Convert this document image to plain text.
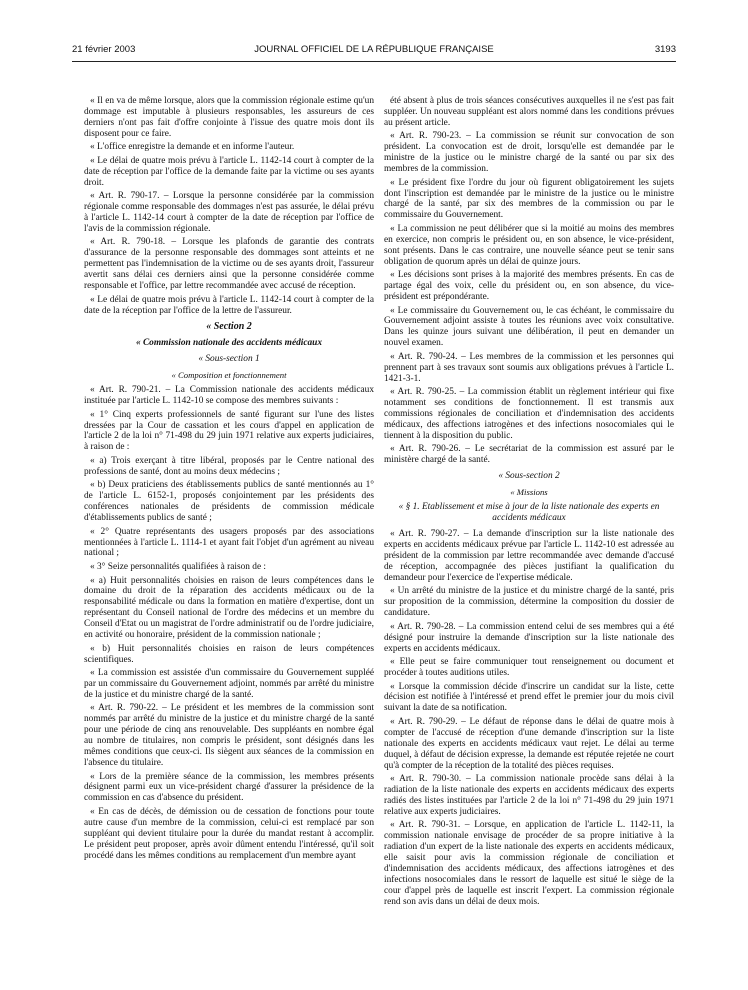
21 février 2003	JOURNAL OFFICIEL DE LA RÉPUBLIQUE FRANÇAISE	3193

« Il en va de même lorsque, alors que la commission régionale estime qu'un dommage est imputable à plusieurs responsables, les assureurs de ces derniers n'ont pas fait d'offre conjointe à l'issue des quatre mois dont ils disposent pour ce faire.

« L'office enregistre la demande et en informe l'auteur.

« Le délai de quatre mois prévu à l'article L. 1142-14 court à compter de la date de réception par l'office de la demande faite par la victime ou ses ayants droit.

« Art. R. 790-17. – Lorsque la personne considérée par la commission régionale comme responsable des dommages n'est pas assurée, le délai prévu à l'article L. 1142-14 court à compter de la date de réception par l'office de l'avis de la commission régionale.

« Art. R. 790-18. – Lorsque les plafonds de garantie des contrats d'assurance de la personne responsable des dommages sont atteints et ne permettent pas l'indemnisation de la victime ou de ses ayants droit, l'assureur avertit sans délai ces derniers ainsi que la personne considérée comme responsable et l'office, par lettre recommandée avec accusé de réception.

« Le délai de quatre mois prévu à l'article L. 1142-14 court à compter de la date de la réception par l'office de la lettre de l'assureur.

« Section 2
« Commission nationale des accidents médicaux
« Sous-section 1
« Composition et fonctionnement

« Art. R. 790-21. – La Commission nationale des accidents médicaux instituée par l'article L. 1142-10 se compose des membres suivants :

« 1° Cinq experts professionnels de santé figurant sur l'une des listes dressées par la Cour de cassation et les cours d'appel en application de l'article 2 de la loi n° 71-498 du 29 juin 1971 relative aux experts judiciaires, à raison de :

« a) Trois exerçant à titre libéral, proposés par le Centre national des professions de santé, dont au moins deux médecins ;

« b) Deux praticiens des établissements publics de santé mentionnés au 1° de l'article L. 6152-1, proposés conjointement par les présidents des conférences nationales de présidents de commission médicale d'établissements publics de santé ;

« 2° Quatre représentants des usagers proposés par des associations mentionnées à l'article L. 1114-1 et ayant fait l'objet d'un agrément au niveau national ;

« 3° Seize personnalités qualifiées à raison de :

« a) Huit personnalités choisies en raison de leurs compétences dans le domaine du droit de la réparation des accidents médicaux ou de la responsabilité médicale ou dans la formation en matière d'expertise, dont un représentant du Conseil national de l'ordre des médecins et un membre du Conseil d'Etat ou un magistrat de l'ordre administratif ou de l'ordre judiciaire, en activité ou honoraire, président de la commission nationale ;

« b) Huit personnalités choisies en raison de leurs compétences scientifiques.

« La commission est assistée d'un commissaire du Gouvernement suppléé par un commissaire du Gouvernement adjoint, nommés par arrêté du ministre de la justice et du ministre chargé de la santé.

« Art. R. 790-22. – Le président et les membres de la commission sont nommés par arrêté du ministre de la justice et du ministre chargé de la santé pour une période de cinq ans renouvelable. Des suppléants en nombre égal au nombre de titulaires, non compris le président, sont désignés dans les mêmes conditions que ceux-ci. Ils siègent aux séances de la commission en l'absence du titulaire.

« Lors de la première séance de la commission, les membres présents désignent parmi eux un vice-président chargé d'assurer la présidence de la commission en cas d'absence du président.

« En cas de décès, de démission ou de cessation de fonctions pour toute autre cause d'un membre de la commission, celui-ci est remplacé par son suppléant qui devient titulaire pour la durée du mandat restant à accomplir. Le président peut proposer, après avoir dûment entendu l'intéressé, qu'il soit procédé dans les mêmes conditions au remplacement d'un membre ayant

été absent à plus de trois séances consécutives auxquelles il ne s'est pas fait suppléer. Un nouveau suppléant est alors nommé dans les conditions prévues au présent article.

« Art. R. 790-23. – La commission se réunit sur convocation de son président. La convocation est de droit, lorsqu'elle est demandée par le ministre de la justice ou le ministre chargé de la santé ou par six des membres de la commission.

« Le président fixe l'ordre du jour où figurent obligatoirement les sujets dont l'inscription est demandée par le ministre de la justice ou le ministre chargé de la santé, par six des membres de la commission ou par le commissaire du Gouvernement.

« La commission ne peut délibérer que si la moitié au moins des membres en exercice, non compris le président ou, en son absence, le vice-président, sont présents. Dans le cas contraire, une nouvelle séance peut se tenir sans obligation de quorum après un délai de quinze jours.

« Les décisions sont prises à la majorité des membres présents. En cas de partage égal des voix, celle du président ou, en son absence, du vice-président est prépondérante.

« Le commissaire du Gouvernement ou, le cas échéant, le commissaire du Gouvernement adjoint assiste à toutes les réunions avec voix consultative. Dans les quinze jours suivant une délibération, il peut en demander un nouvel examen.

« Art. R. 790-24. – Les membres de la commission et les personnes qui prennent part à ses travaux sont soumis aux obligations prévues à l'article L. 1421-3-1.

« Art. R. 790-25. – La commission établit un règlement intérieur qui fixe notamment ses conditions de fonctionnement. Il est transmis aux commissions régionales de conciliation et d'indemnisation des accidents médicaux, des affections iatrogènes et des infections nosocomiales qui le tiennent à la disposition du public.

« Art. R. 790-26. – Le secrétariat de la commission est assuré par le ministère chargé de la santé.

« Sous-section 2
« Missions
« § 1. Etablissement et mise à jour de la liste nationale des experts en accidents médicaux

« Art. R. 790-27. – La demande d'inscription sur la liste nationale des experts en accidents médicaux prévue par l'article L. 1142-10 est adressée au président de la commission par lettre recommandée avec demande d'accusé de réception, accompagnée des pièces justifiant la qualification du demandeur pour l'exercice de l'expertise médicale.

« Un arrêté du ministre de la justice et du ministre chargé de la santé, pris sur proposition de la commission, détermine la composition du dossier de candidature.

« Art. R. 790-28. – La commission entend celui de ses membres qui a été désigné pour instruire la demande d'inscription sur la liste nationale des experts en accidents médicaux.

« Elle peut se faire communiquer tout renseignement ou document et procéder à toutes auditions utiles.

« Lorsque la commission décide d'inscrire un candidat sur la liste, cette décision est notifiée à l'intéressé et prend effet le premier jour du mois civil suivant la date de sa notification.

« Art. R. 790-29. – Le défaut de réponse dans le délai de quatre mois à compter de l'accusé de réception d'une demande d'inscription sur la liste nationale des experts en accidents médicaux vaut rejet. Le délai au terme duquel, à défaut de décision expresse, la demande est réputée rejetée ne court qu'à compter de la réception de la totalité des pièces requises.

« Art. R. 790-30. – La commission nationale procède sans délai à la radiation de la liste nationale des experts en accidents médicaux des experts radiés des listes instituées par l'article 2 de la loi n° 71-498 du 29 juin 1971 relative aux experts judiciaires.

« Art. R. 790-31. – Lorsque, en application de l'article L. 1142-11, la commission nationale envisage de procéder de sa propre initiative à la radiation d'un expert de la liste nationale des experts en accidents médicaux, elle saisit pour avis la commission régionale de conciliation et d'indemnisation des accidents médicaux, des affections iatrogènes et des infections nosocomiales dans le ressort de laquelle est situé le siège de la cour d'appel près de laquelle est inscrit l'expert. La commission régionale rend son avis dans un délai de deux mois.
